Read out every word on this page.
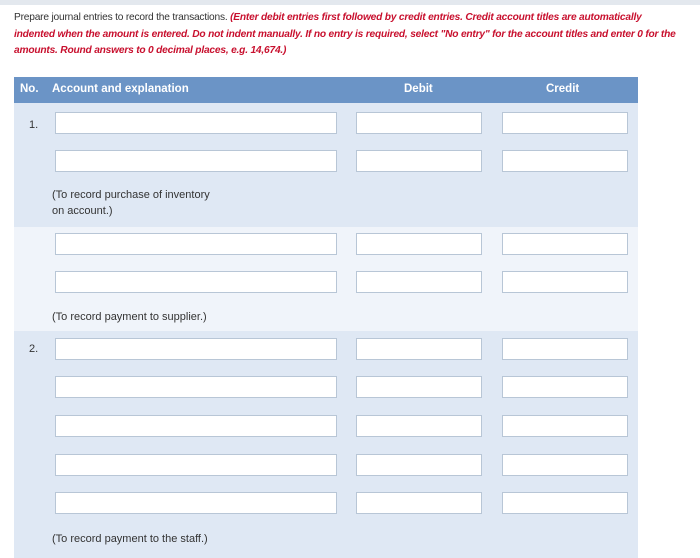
Prepare journal entries to record the transactions. (Enter debit entries first followed by credit entries. Credit account titles are automatically indented when the amount is entered. Do not indent manually. If no entry is required, select "No entry" for the account titles and enter 0 for the amounts. Round answers to 0 decimal places, e.g. 14,674.)
No. Account and explanation	Debit	Credit
1.
(To record purchase of inventory on account.)
(To record payment to supplier.)
2.
(To record payment to the staff.)
